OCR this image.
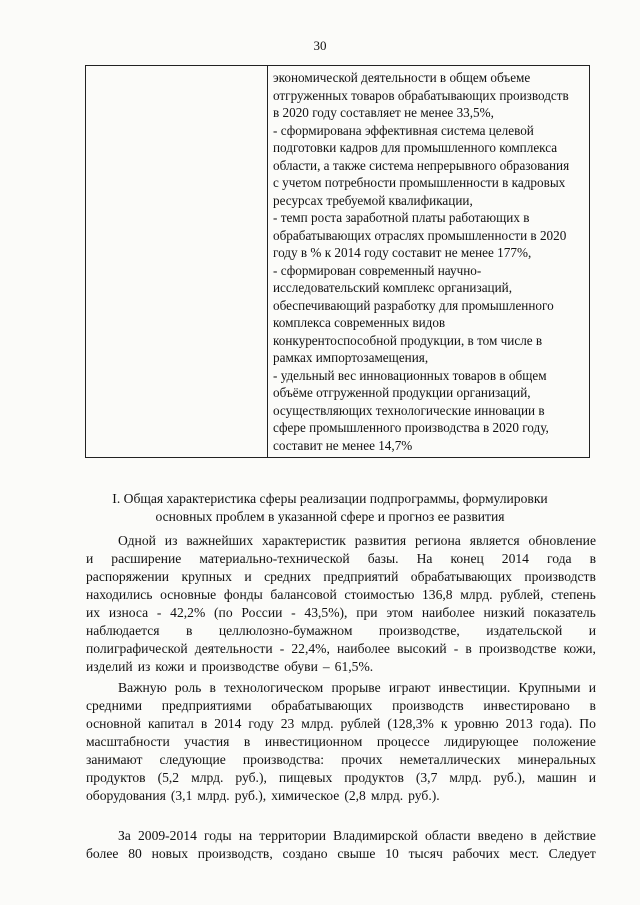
30
экономической деятельности в общем объеме
отгруженных товаров обрабатывающих производств
в 2020 году составляет не менее 33,5%,
- сформирована эффективная система целевой
подготовки кадров для промышленного комплекса
области, а также система непрерывного образования
с учетом потребности промышленности в кадровых
ресурсах требуемой квалификации,
- темп роста заработной платы работающих в
обрабатывающих отраслях промышленности в 2020
году в % к 2014 году составит не менее 177%,
- сформирован современный научно-
исследовательский комплекс организаций,
обеспечивающий разработку для промышленного
комплекса современных видов
конкурентоспособной продукции, в том числе в
рамках импортозамещения,
- удельный вес инновационных товаров в общем
объёме отгруженной продукции организаций,
осуществляющих технологические инновации в
сфере промышленного производства в 2020 году,
составит не менее 14,7%
I. Общая характеристика сферы реализации подпрограммы, формулировки
основных проблем в указанной сфере и прогноз ее развития
Одной из важнейших характеристик развития региона является обновление
и расширение материально-технической базы. На конец 2014 года в
распоряжении крупных и средних предприятий обрабатывающих производств
находились основные фонды балансовой стоимостью 136,8 млрд. рублей, степень
их износа - 42,2% (по России - 43,5%), при этом наиболее низкий показатель
наблюдается в целлюлозно-бумажном производстве, издательской и
полиграфической деятельности - 22,4%, наиболее высокий - в производстве кожи,
изделий из кожи и производстве обуви – 61,5%.
Важную роль в технологическом прорыве играют инвестиции. Крупными и
средними предприятиями обрабатывающих производств инвестировано в
основной капитал в 2014 году 23 млрд. рублей (128,3% к уровню 2013 года). По
масштабности участия в инвестиционном процессе лидирующее положение
занимают следующие производства: прочих неметаллических минеральных
продуктов (5,2 млрд. руб.), пищевых продуктов (3,7 млрд. руб.), машин и
оборудования (3,1 млрд. руб.), химическое (2,8 млрд. руб.).
За 2009-2014 годы на территории Владимирской области введено в действие
более 80 новых производств, создано свыше 10 тысяч рабочих мест. Следует
